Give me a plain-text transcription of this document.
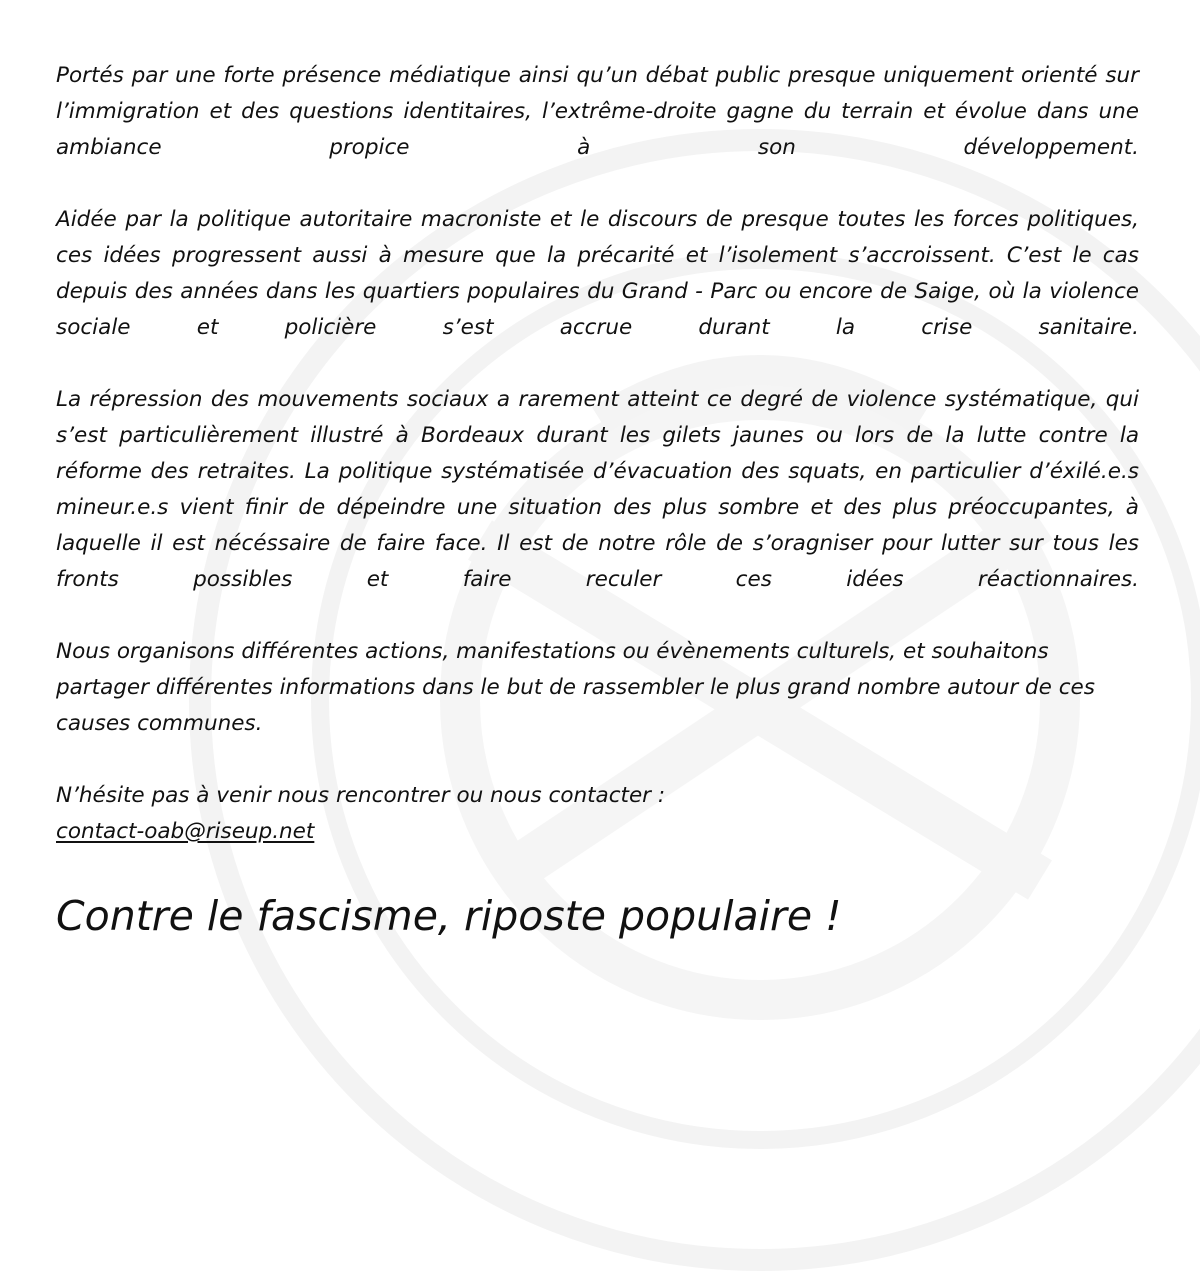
Portés par une forte présence médiatique ainsi qu’un débat public presque uniquement orienté sur l’immigration et des questions identitaires, l’extrême-droite gagne du terrain et évolue dans une ambiance propice à son développement.

Aidée par la politique autoritaire macroniste et le discours de presque toutes les forces politiques, ces idées progressent aussi à mesure que la précarité et l’isolement s’accroissent. C’est le cas depuis des années dans les quartiers populaires du Grand - Parc ou encore de Saige, où la violence sociale et policière s’est accrue durant la crise sanitaire.

La répression des mouvements sociaux a rarement atteint ce degré de violence systématique, qui s’est particulièrement illustré à Bordeaux durant les gilets jaunes ou lors de la lutte contre la réforme des retraites. La politique systématisée d’évacuation des squats, en particulier d’éxilé.e.s mineur.e.s vient finir de dépeindre une situation des plus sombre et des plus préoccupantes, à laquelle il est nécéssaire de faire face. Il est de notre rôle de s’oragniser pour lutter sur tous les fronts possibles et faire reculer ces idées réactionnaires.

Nous organisons différentes actions, manifestations ou évènements culturels, et souhaitons partager différentes informations dans le but de rassembler le plus grand nombre autour de ces causes communes.

N’hésite pas à venir nous rencontrer ou nous contacter :
contact-oab@riseup.net

Contre le fascisme, riposte populaire !
